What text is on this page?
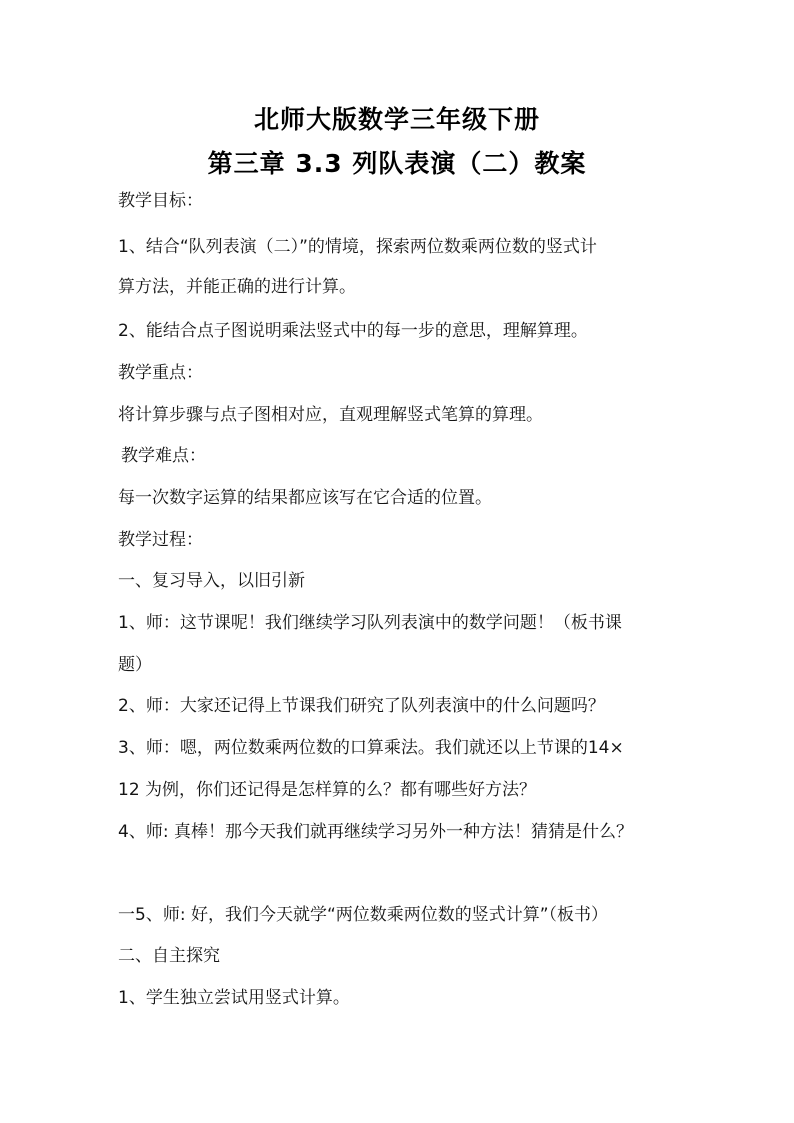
北师大版数学三年级下册
第三章 3.3 列队表演（二）教案
教学目标：
1、结合“队列表演（二）”的情境，探索两位数乘两位数的竖式计
算方法，并能正确的进行计算。
2、能结合点子图说明乘法竖式中的每一步的意思，理解算理。
教学重点：
将计算步骤与点子图相对应，直观理解竖式笔算的算理。
教学难点：
每一次数字运算的结果都应该写在它合适的位置。
教学过程：
一、复习导入，以旧引新
1、师：这节课呢！我们继续学习队列表演中的数学问题！（板书课
题）
2、师：大家还记得上节课我们研究了队列表演中的什么问题吗？
3、师：嗯，两位数乘两位数的口算乘法。我们就还以上节课的14×
12 为例，你们还记得是怎样算的么？都有哪些好方法？
4、师: 真棒！那今天我们就再继续学习另外一种方法！猜猜是什么？
一5、师: 好，我们今天就学“两位数乘两位数的竖式计算”（板书）
二、自主探究
1、学生独立尝试用竖式计算。
